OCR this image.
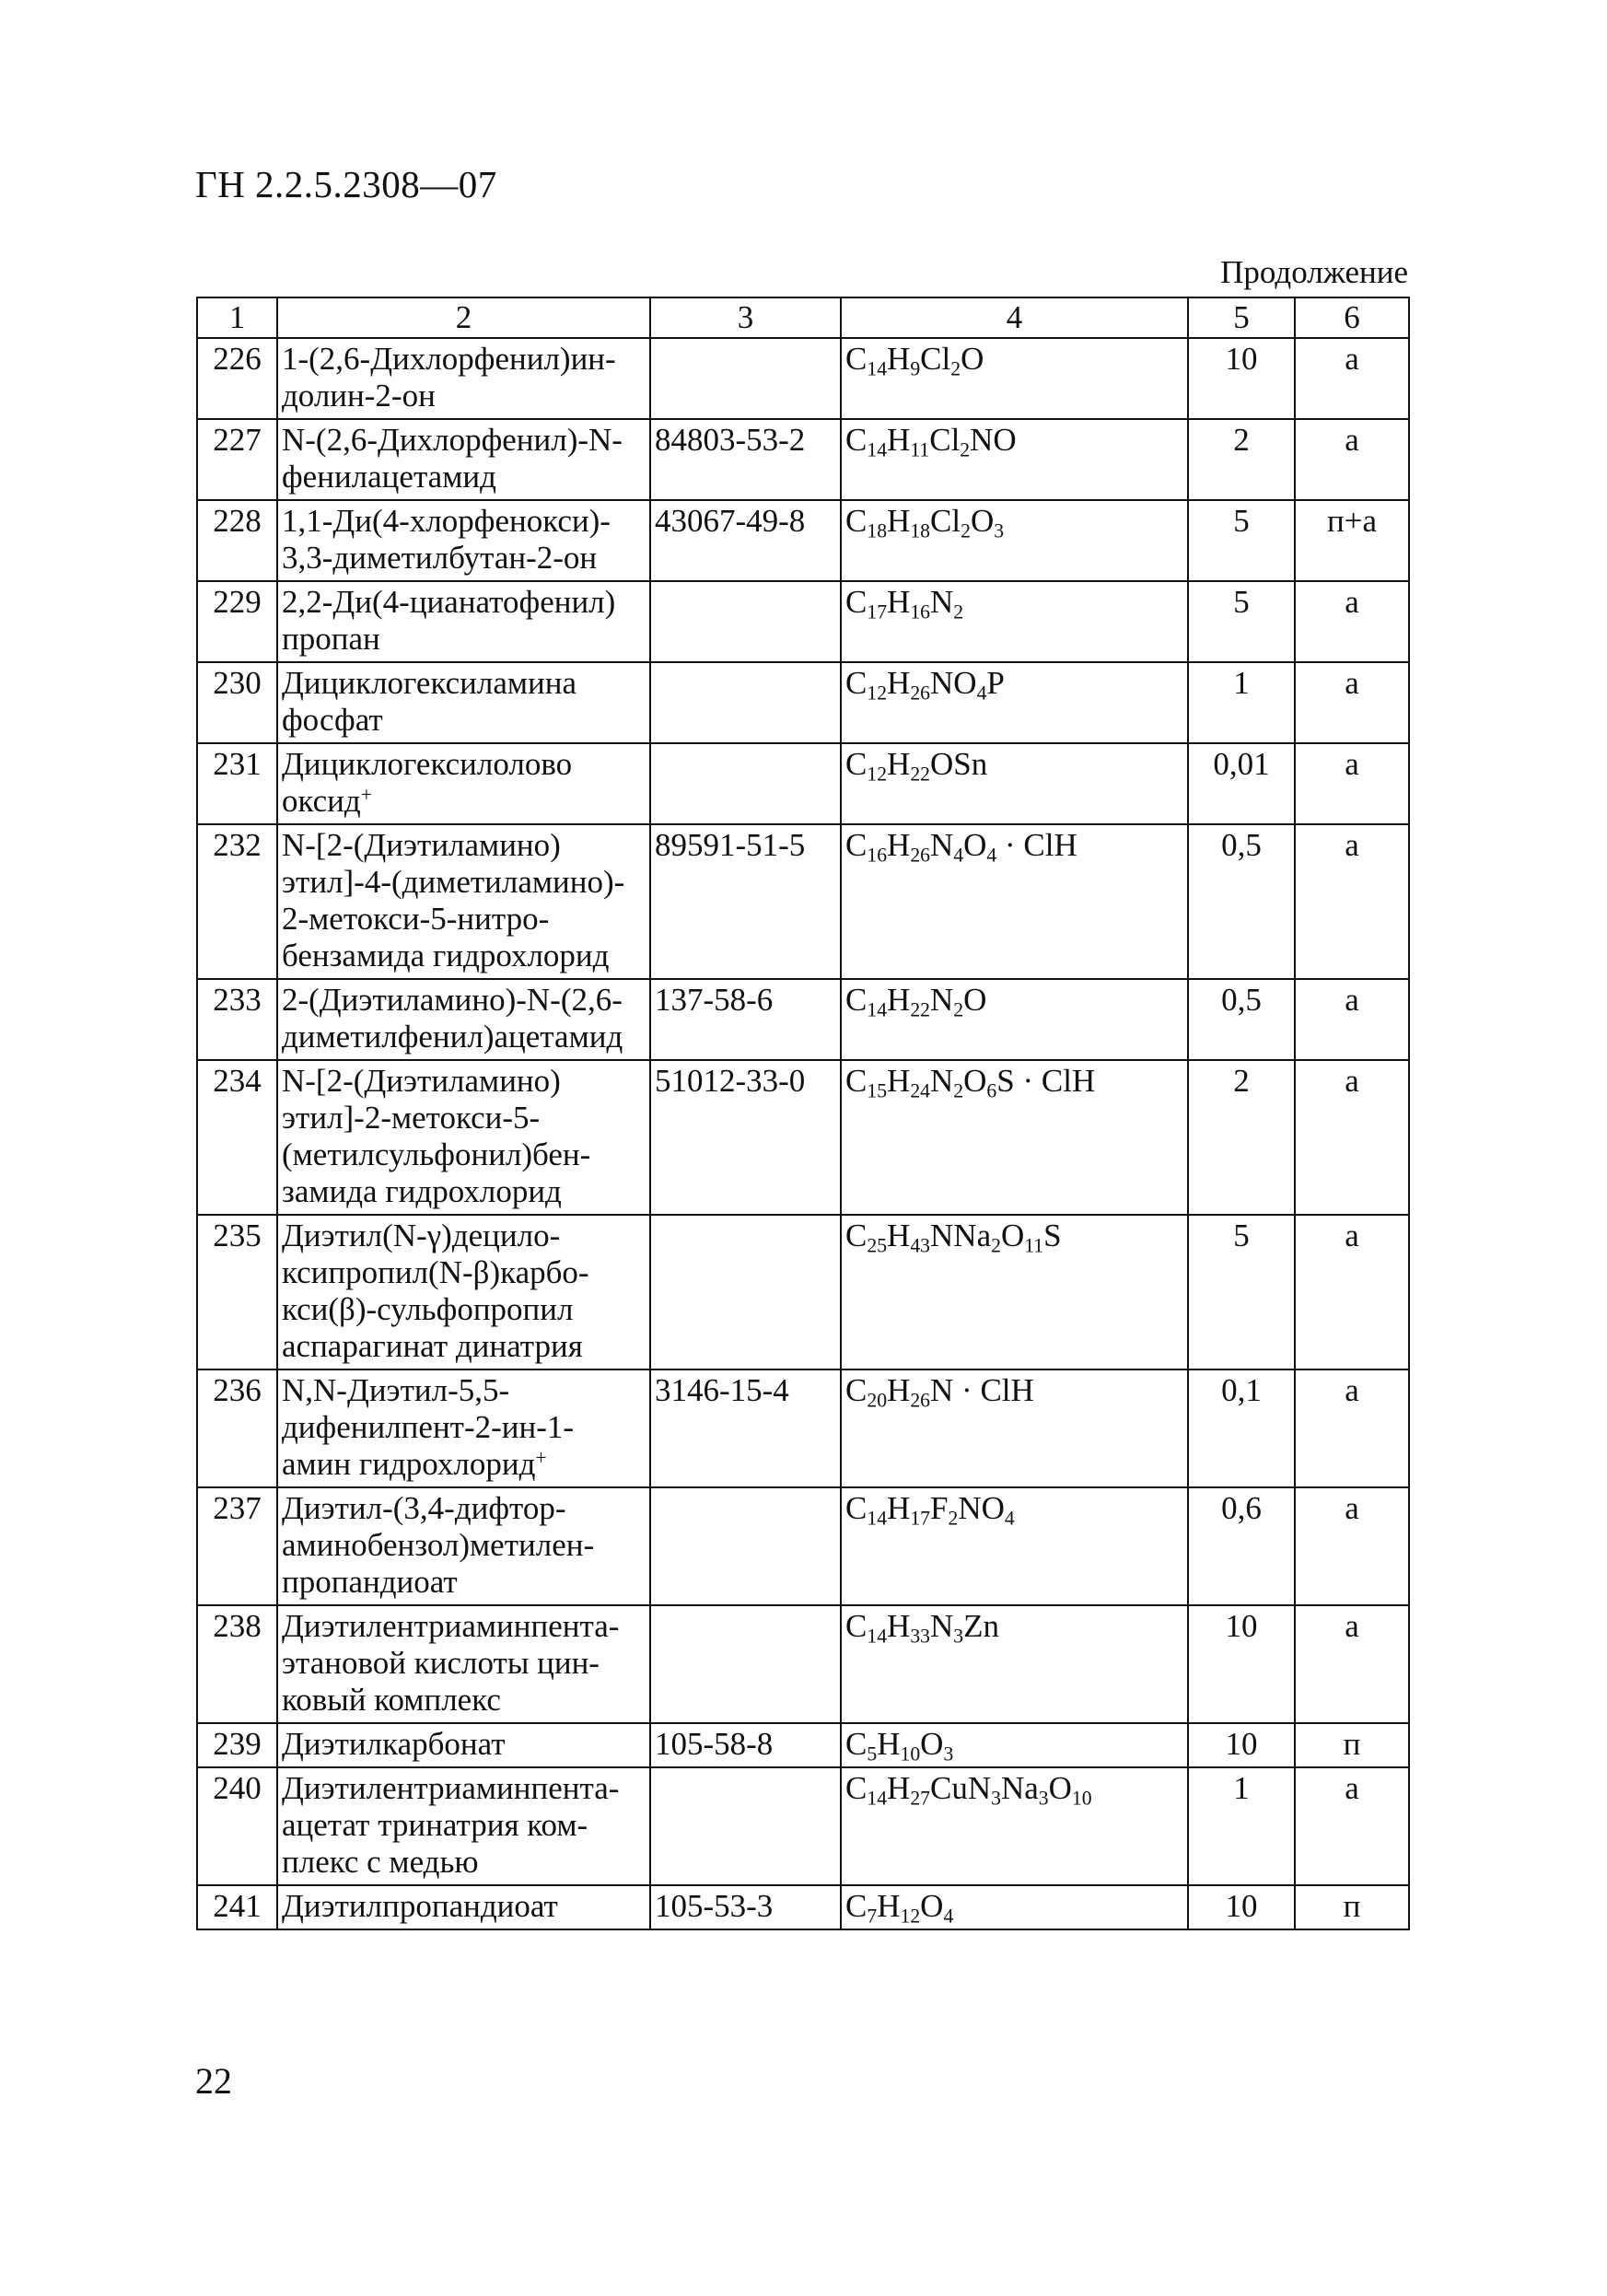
ГН 2.2.5.2308—07
Продолжение
1	2	3	4	5	6
226	1-(2,6-Дихлорфенил)ин-
долин-2-он		$C_{14}H_9Cl_2O$	10	а
227	N-(2,6-Дихлорфенил)-N-
фенилацетамид	84803-53-2	$C_{14}H_{11}Cl_2NO$	2	а
228	1,1-Ди(4-хлорфенокси)-
3,3-диметилбутан-2-он	43067-49-8	$C_{18}H_{18}Cl_2O_3$	5	п+а
229	2,2-Ди(4-цианатофенил)
пропан		$C_{17}H_{16}N_2$	5	а
230	Дициклогексиламина
фосфат		$C_{12}H_{26}NO_4P$	1	а
231	Дициклогексилолово
оксид+		$C_{12}H_{22}OSn$	0,01	а
232	N-[2-(Диэтиламино)
этил]-4-(диметиламино)-
2-метокси-5-нитро-
бензамида гидрохлорид	89591-51-5	$C_{16}H_{26}N_4O_4$ · ClH	0,5	а
233	2-(Диэтиламино)-N-(2,6-
диметилфенил)ацетамид	137-58-6	$C_{14}H_{22}N_2O$	0,5	а
234	N-[2-(Диэтиламино)
этил]-2-метокси-5-
(метилсульфонил)бен-
замида гидрохлорид	51012-33-0	$C_{15}H_{24}N_2O_6S$ · ClH	2	а
235	Диэтил(N-γ)децило-
ксипропил(N-β)карбо-
кси(β)-сульфопропил
аспарагинат динатрия		$C_{25}H_{43}NNa_2O_{11}S$	5	а
236	N,N-Диэтил-5,5-
дифенилпент-2-ин-1-
амин гидрохлорид+	3146-15-4	$C_{20}H_{26}N$ · ClH	0,1	а
237	Диэтил-(3,4-дифтор-
аминобензол)метилен-
пропандиоат		$C_{14}H_{17}F_2NO_4$	0,6	а
238	Диэтилентриаминпента-
этановой кислоты цин-
ковый комплекс		$C_{14}H_{33}N_3Zn$	10	а
239	Диэтилкарбонат	105-58-8	$C_5H_{10}O_3$	10	п
240	Диэтилентриаминпента-
ацетат тринатрия ком-
плекс с медью		$C_{14}H_{27}CuN_3Na_3O_{10}$	1	а
241	Диэтилпропандиоат	105-53-3	$C_7H_{12}O_4$	10	п
22
